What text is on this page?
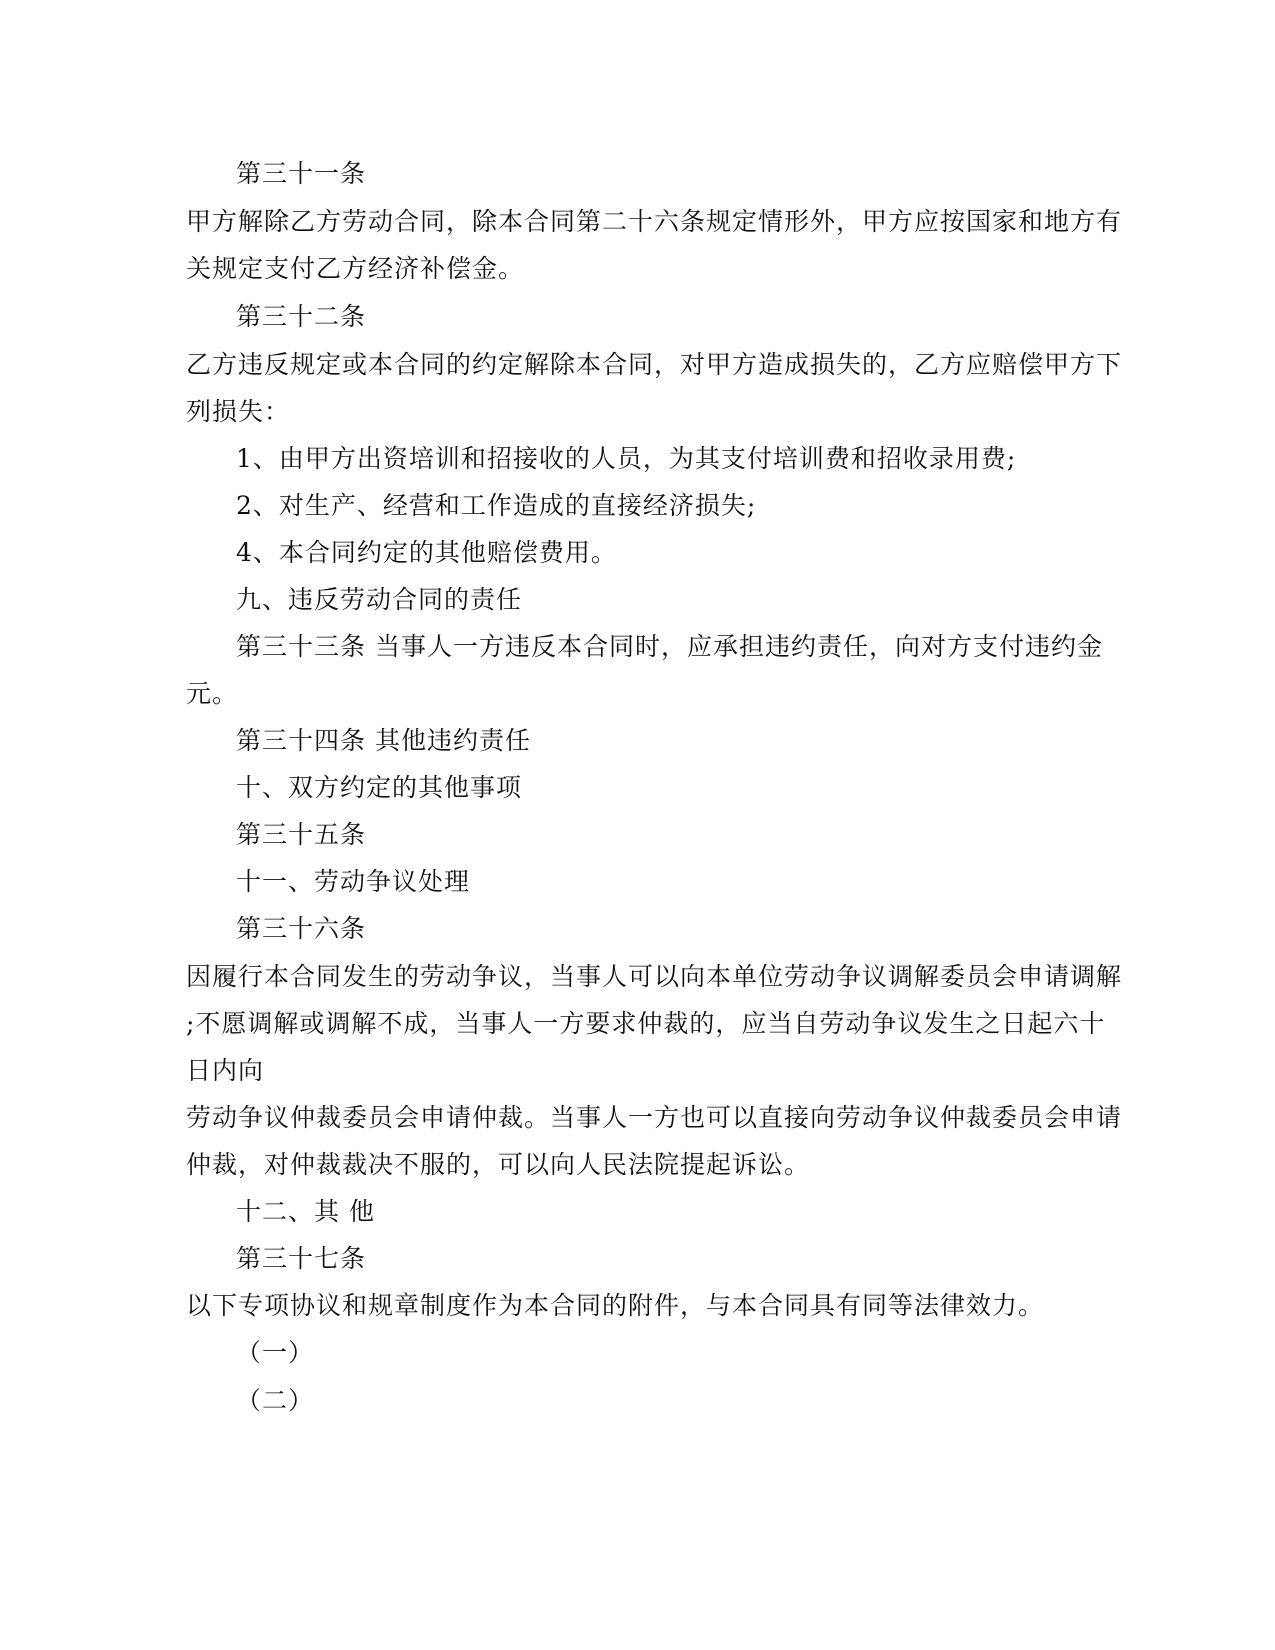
第三十一条
甲方解除乙方劳动合同，除本合同第二十六条规定情形外，甲方应按国家和地方有
关规定支付乙方经济补偿金。
第三十二条
乙方违反规定或本合同的约定解除本合同，对甲方造成损失的，乙方应赔偿甲方下
列损失：
1、由甲方出资培训和招接收的人员，为其支付培训费和招收录用费;
2、对生产、经营和工作造成的直接经济损失;
4、本合同约定的其他赔偿费用。
九、违反劳动合同的责任
第三十三条 当事人一方违反本合同时，应承担违约责任，向对方支付违约金
元。
第三十四条 其他违约责任
十、双方约定的其他事项
第三十五条
十一、劳动争议处理
第三十六条
因履行本合同发生的劳动争议，当事人可以向本单位劳动争议调解委员会申请调解
;不愿调解或调解不成，当事人一方要求仲裁的，应当自劳动争议发生之日起六十
日内向
劳动争议仲裁委员会申请仲裁。当事人一方也可以直接向劳动争议仲裁委员会申请
仲裁，对仲裁裁决不服的，可以向人民法院提起诉讼。
十二、其 他
第三十七条
以下专项协议和规章制度作为本合同的附件，与本合同具有同等法律效力。
（一）
（二）
